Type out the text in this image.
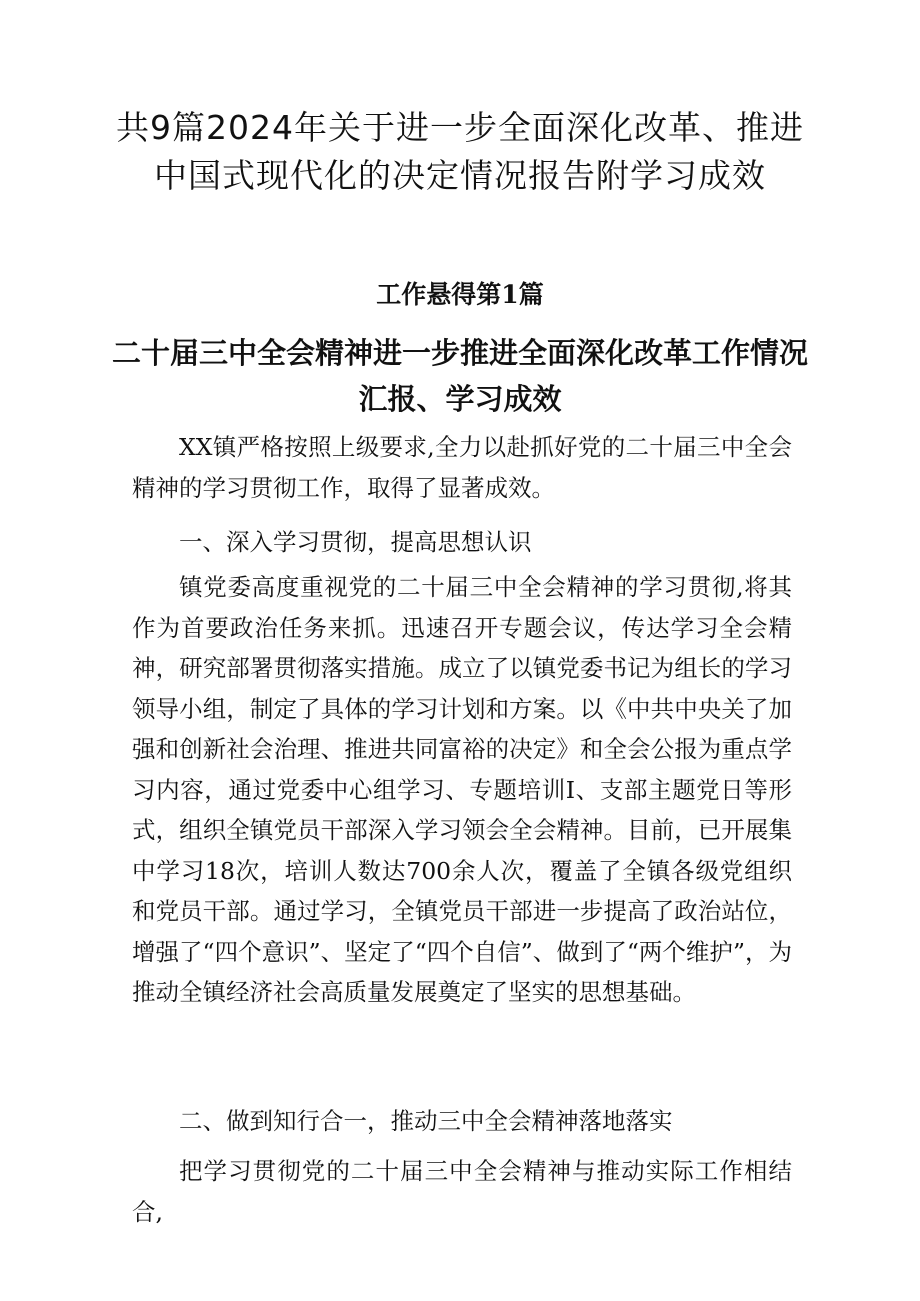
共9篇2024年关于进一步全面深化改革、推进中国式现代化的决定情况报告附学习成效
工作悬得第1篇
二十届三中全会精神进一步推进全面深化改革工作情况汇报、学习成效

XX镇严格按照上级要求,全力以赴抓好党的二十届三中全会精神的学习贯彻工作，取得了显著成效。

一、深入学习贯彻，提高思想认识

镇党委高度重视党的二十届三中全会精神的学习贯彻,将其作为首要政治任务来抓。迅速召开专题会议，传达学习全会精神，研究部署贯彻落实措施。成立了以镇党委书记为组长的学习领导小组，制定了具体的学习计划和方案。以《中共中央关了加强和创新社会治理、推进共同富裕的决定》和全会公报为重点学习内容，通过党委中心组学习、专题培训I、支部主题党日等形式，组织全镇党员干部深入学习领会全会精神。目前，已开展集中学习18次，培训人数达700余人次，覆盖了全镇各级党组织和党员干部。通过学习，全镇党员干部进一步提高了政治站位，增强了“四个意识”、坚定了“四个自信”、做到了“两个维护”，为推动全镇经济社会高质量发展奠定了坚实的思想基础。

二、做到知行合一，推动三中全会精神落地落实

把学习贯彻党的二十届三中全会精神与推动实际工作相结合,
